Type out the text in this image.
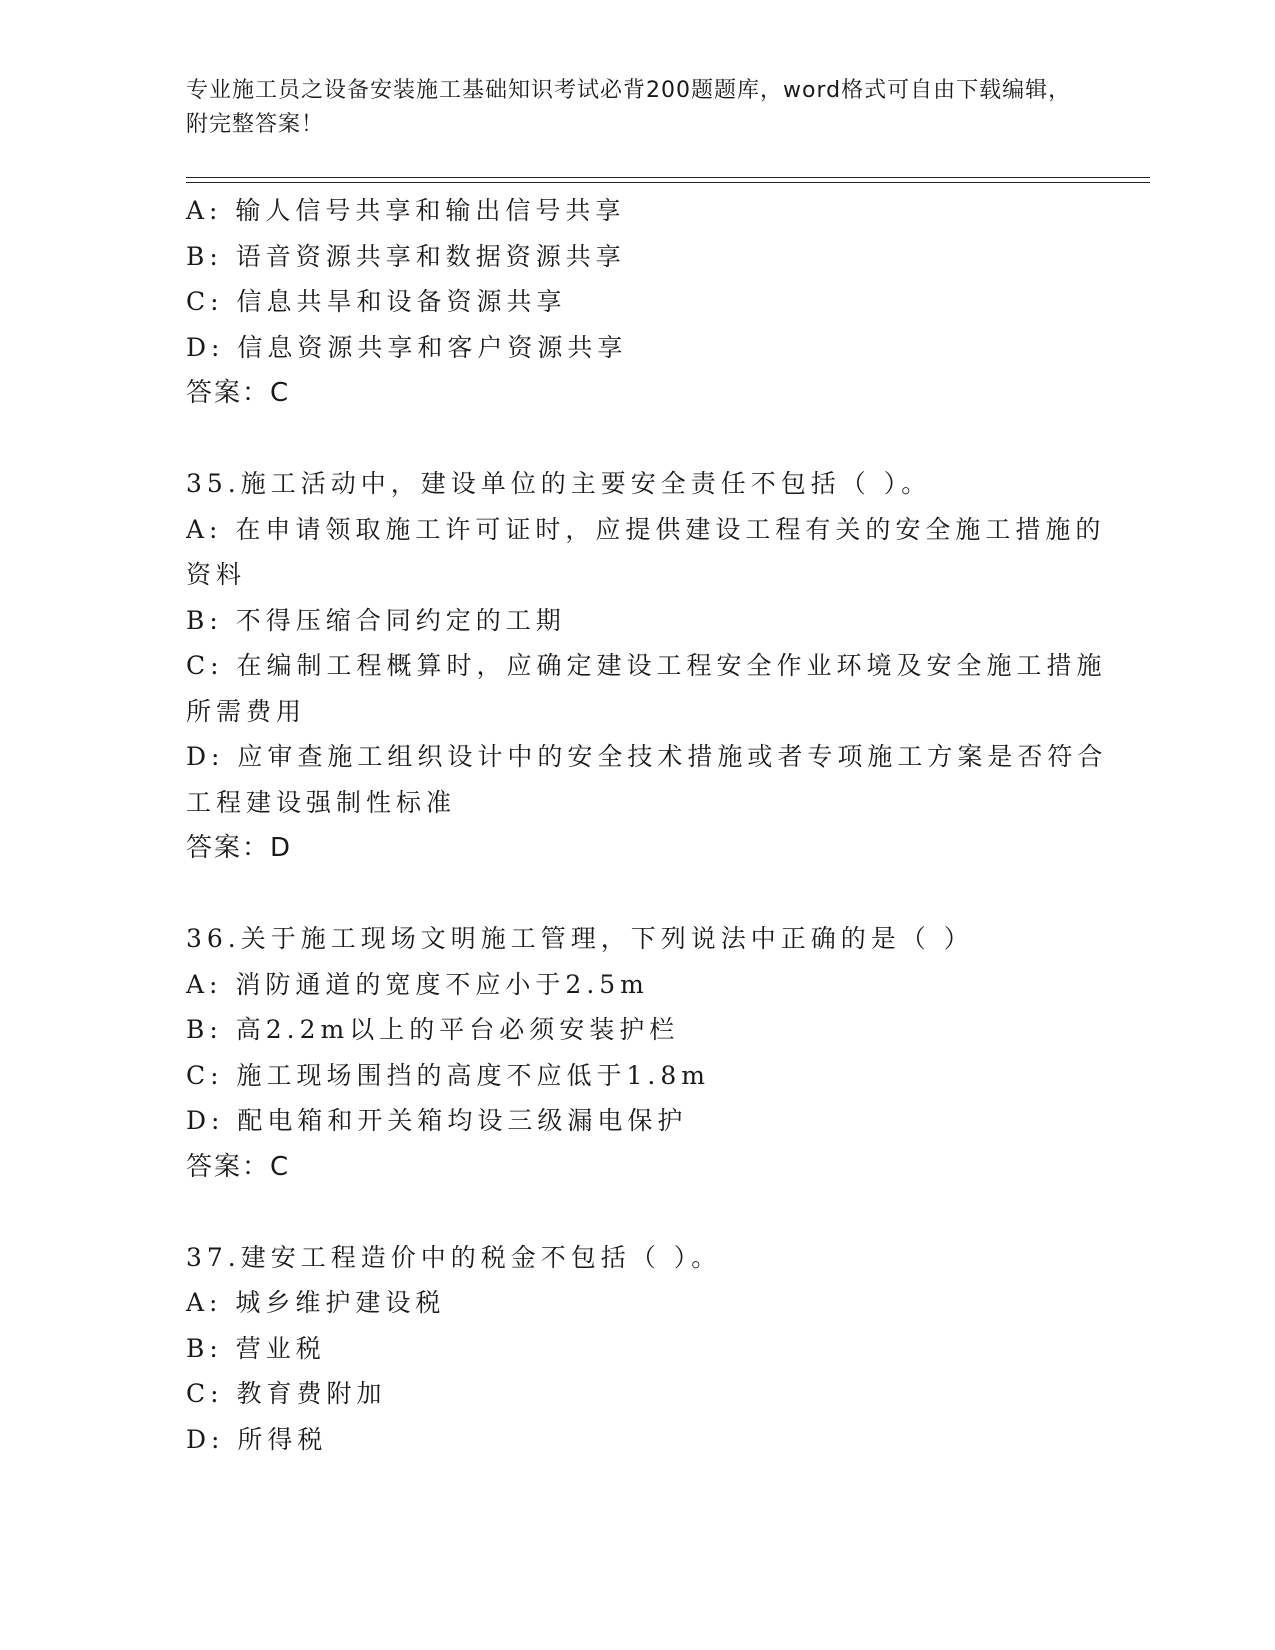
专业施工员之设备安装施工基础知识考试必背200题题库，word格式可自由下载编辑，附完整答案！
A: 输人信号共享和输出信号共享
B: 语音资源共享和数据资源共享
C: 信息共旱和设备资源共享
D: 信息资源共享和客户资源共享
答案：C
35.施工活动中，建设单位的主要安全责任不包括（ ）。
A: 在申请领取施工许可证时，应提供建设工程有关的安全施工措施的
资料
B: 不得压缩合同约定的工期
C: 在编制工程概算时，应确定建设工程安全作业环境及安全施工措施
所需费用
D: 应审查施工组织设计中的安全技术措施或者专项施工方案是否符合
工程建设强制性标准
答案：D
36.关于施工现场文明施工管理，下列说法中正确的是（ ）
A: 消防通道的宽度不应小于2.5m
B: 高2.2m以上的平台必须安装护栏
C: 施工现场围挡的高度不应低于1.8m
D: 配电箱和开关箱均设三级漏电保护
答案：C
37.建安工程造价中的税金不包括（ ）。
A: 城乡维护建设税
B: 营业税
C: 教育费附加
D: 所得税
